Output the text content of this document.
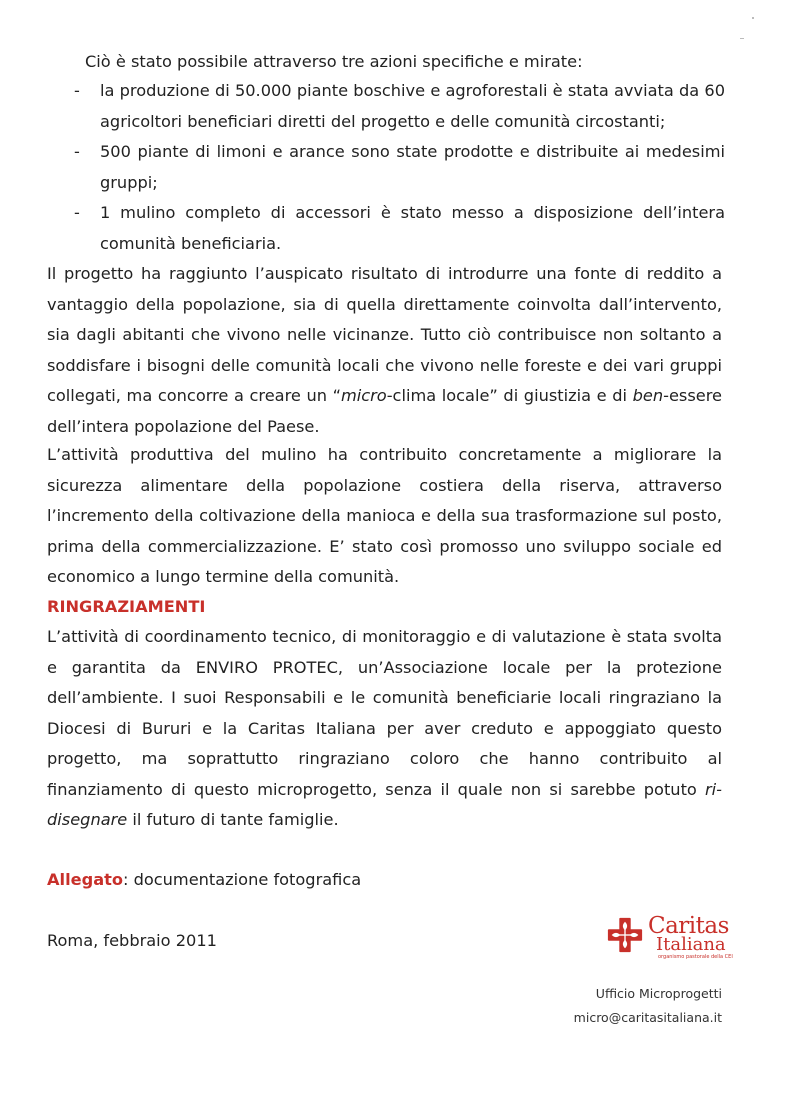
Ciò è stato possibile attraverso tre azioni specifiche e mirate:
- la produzione di 50.000 piante boschive e agroforestali è stata avviata da 60 agricoltori beneficiari diretti del progetto e delle comunità circostanti;
- 500 piante di limoni e arance sono state prodotte e distribuite ai medesimi gruppi;
- 1 mulino completo di accessori è stato messo a disposizione dell’intera comunità beneficiaria.
Il progetto ha raggiunto l’auspicato risultato di introdurre una fonte di reddito a vantaggio della popolazione, sia di quella direttamente coinvolta dall’intervento, sia dagli abitanti che vivono nelle vicinanze. Tutto ciò contribuisce non soltanto a soddisfare i bisogni delle comunità locali che vivono nelle foreste e dei vari gruppi collegati, ma concorre a creare un “micro-clima locale” di giustizia e di ben-essere dell’intera popolazione del Paese.
L’attività produttiva del mulino ha contribuito concretamente a migliorare la sicurezza alimentare della popolazione costiera della riserva, attraverso l’incremento della coltivazione della manioca e della sua trasformazione sul posto, prima della commercializzazione. E’ stato così promosso uno sviluppo sociale ed economico a lungo termine della comunità.
RINGRAZIAMENTI
L’attività di coordinamento tecnico, di monitoraggio e di valutazione è stata svolta e garantita da ENVIRO PROTEC, un’Associazione locale per la protezione dell’ambiente. I suoi Responsabili e le comunità beneficiarie locali ringraziano la Diocesi di Bururi e la Caritas Italiana per aver creduto e appoggiato questo progetto, ma soprattutto ringraziano coloro che hanno contribuito al finanziamento di questo microprogetto, senza il quale non si sarebbe potuto ri-disegnare il futuro di tante famiglie.
Allegato: documentazione fotografica
Roma, febbraio 2011
Caritas
Italiana
organismo pastorale della CEI
Ufficio Microprogetti
micro@caritasitaliana.it
